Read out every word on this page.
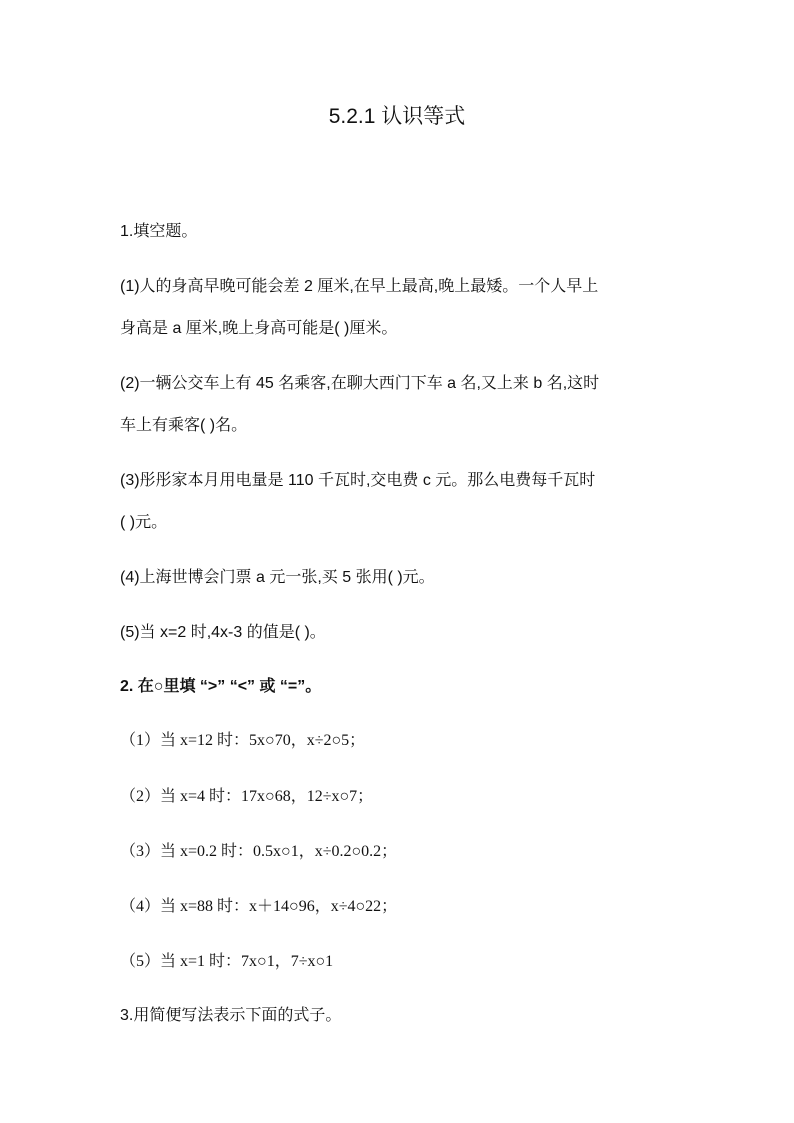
5.2.1 认识等式
1.填空题。
(1)人的身高早晚可能会差 2 厘米,在早上最高,晚上最矮。一个人早上
身高是 a 厘米,晚上身高可能是( )厘米。
(2)一辆公交车上有 45 名乘客,在聊大西门下车 a 名,又上来 b 名,这时
车上有乘客( )名。
(3)彤彤家本月用电量是 110 千瓦时,交电费 c 元。那么电费每千瓦时
( )元。
(4)上海世博会门票 a 元一张,买 5 张用( )元。
(5)当 x=2 时,4x-3 的值是( )。
2. 在○里填 “>” “<” 或 “=”。
（1）当 x=12 时：5x○70，x÷2○5；
（2）当 x=4 时：17x○68，12÷x○7；
（3）当 x=0.2 时：0.5x○1，x÷0.2○0.2；
（4）当 x=88 时：x＋14○96，x÷4○22；
（5）当 x=1 时：7x○1，7÷x○1
3.用简便写法表示下面的式子。
